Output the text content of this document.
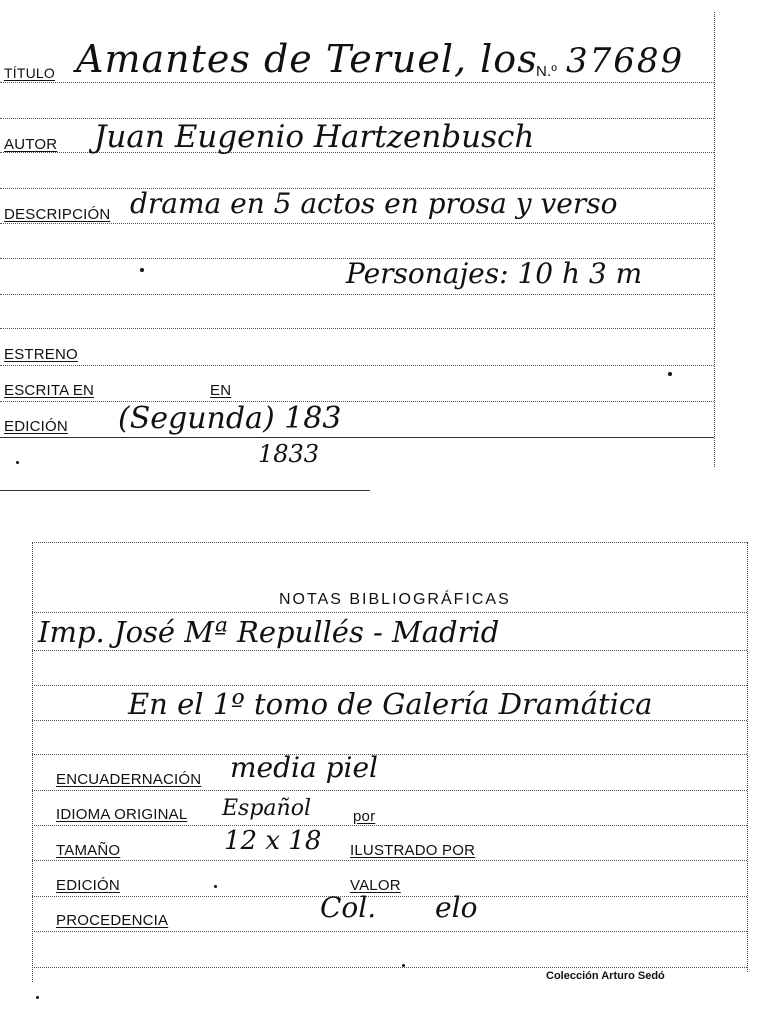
TÍTULO Amantes de Teruel, los
N.º 37689
AUTOR Juan Eugenio Hartzenbusch
DESCRIPCIÓN drama en 5 actos en prosa y verso
Personajes: 10 h 3 m
ESTRENO
ESCRITA EN	EN
EDICIÓN (Segunda) 183
1833
NOTAS BIBLIOGRÁFICAS
Imp. José Mª Repullés - Madrid
En el 1º tomo de Galería Dramática
ENCUADERNACIÓN media piel
IDIOMA ORIGINAL Español	por
TAMAÑO	12 x 18 ILUSTRADO POR
EDICIÓN	VALOR
PROCEDENCIA	Col. elo
Colección Arturo Sedó
